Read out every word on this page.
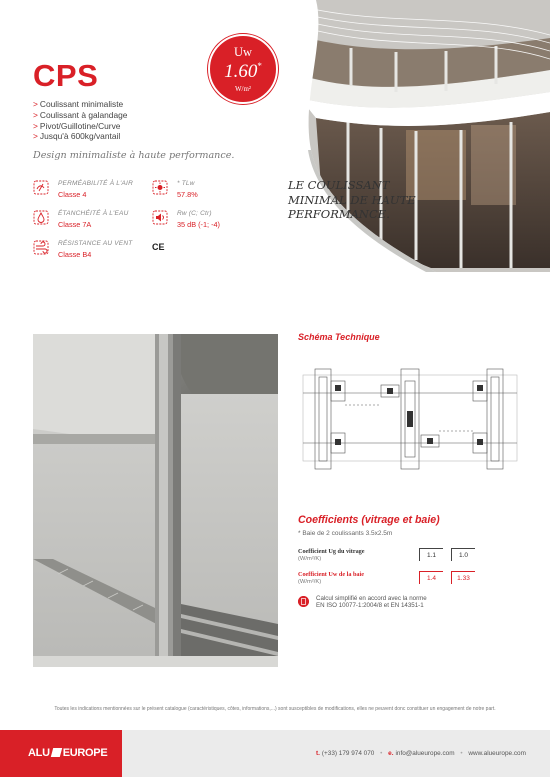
CPS
> Coulissant minimaliste
> Coulissant à galandage
> Pivot/Guillotine/Curve
> Jusqu'à 600kg/vantail
Design minimaliste à haute performance.
Uw
1.60*
W/m²
PERMÉABILITÉ À L'AIR
Classe 4
* TLw
57.8%
ÉTANCHÉITÉ À L'EAU
Classe 7A
Rw (C; Ctr)
35 dB (-1; -4)
RÉSISTANCE AU VENT
Classe B4
CE
LE COULISSANT
MINIMAL DE HAUTE
PERFORMANCE.
Schéma Technique
Coefficients (vitrage et baie)
* Baie de 2 coulissants 3.5x2.5m
Coefficient Ug du vitrage
(W/m²/K)	1.1	1.0
Coefficient Uw de la baie
(W/m²/K)	1.4	1.33
Calcul simplifié en accord avec la norme
EN ISO 10077-1:2004/8 et EN 14351-1
Toutes les indications mentionnées sur le présent catalogue (caractéristiques, côtes, informations,...) sont susceptibles de modifications, elles ne peuvent donc constituer un engagement de notre part.
ALU EUROPE	t. (+33) 179 974 070 • e. info@alueurope.com • www.alueurope.com
